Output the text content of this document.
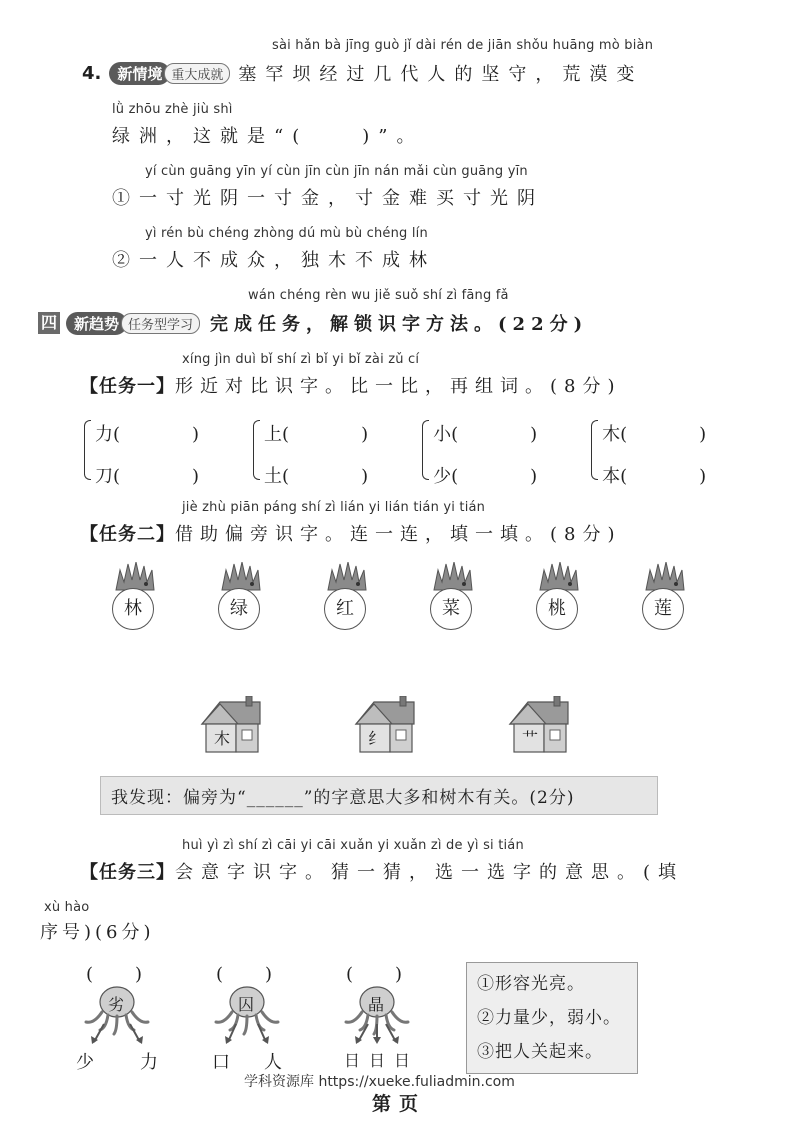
sài hǎn bà jīng guò jǐ dài rén de jiān shǒu huāng mò biàn
4.	新情境 重大成就 塞罕坝经过几代人的坚守，荒漠变
lǜ zhōu zhè jiù shì
绿洲，这就是“(　　)”。
yí cùn guāng yīn yí cùn jīn cùn jīn nán mǎi cùn guāng yīn
①一寸光阴一寸金，寸金难买寸光阴
yì rén bù chéng zhòng dú mù bù chéng lín
②一人不成众，独木不成林
wán chéng rèn wu jiě suǒ shí zì fāng fǎ
四	新趋势 任务型学习 完成任务，解锁识字方法。(22分)
xíng jìn duì bǐ shí zì bǐ yi bǐ zài zǔ cí
【任务一】 形近对比识字。比一比，再组词。(8分)
力(　　　　)
刀(　　　　)
上(　　　　)
土(　　　　)
小(　　　　)
少(　　　　)
木(　　　　)
本(　　　　)
jiè zhù piān páng shí zì lián yi lián tián yi tián
【任务二】 借助偏旁识字。连一连，填一填。(8分)
林	绿	红	菜	桃	莲
木	纟	艹
我发现：偏旁为“______”的字意思大多和树木有关。(2分)
huì yì zì shí zì cāi yi cāi xuǎn yi xuǎn zì de yì si tián
【任务三】 会意字识字。猜一猜，选一选字的意思。(填
xù hào
序号)(6分)
(　　)
劣
少	力
(　　)
囚
口 人
(　　)
晶
日 日 日
①形容光亮。
②力量少，弱小。
③把人关起来。
学科资源库 https://xueke.fuliadmin.com
第页
